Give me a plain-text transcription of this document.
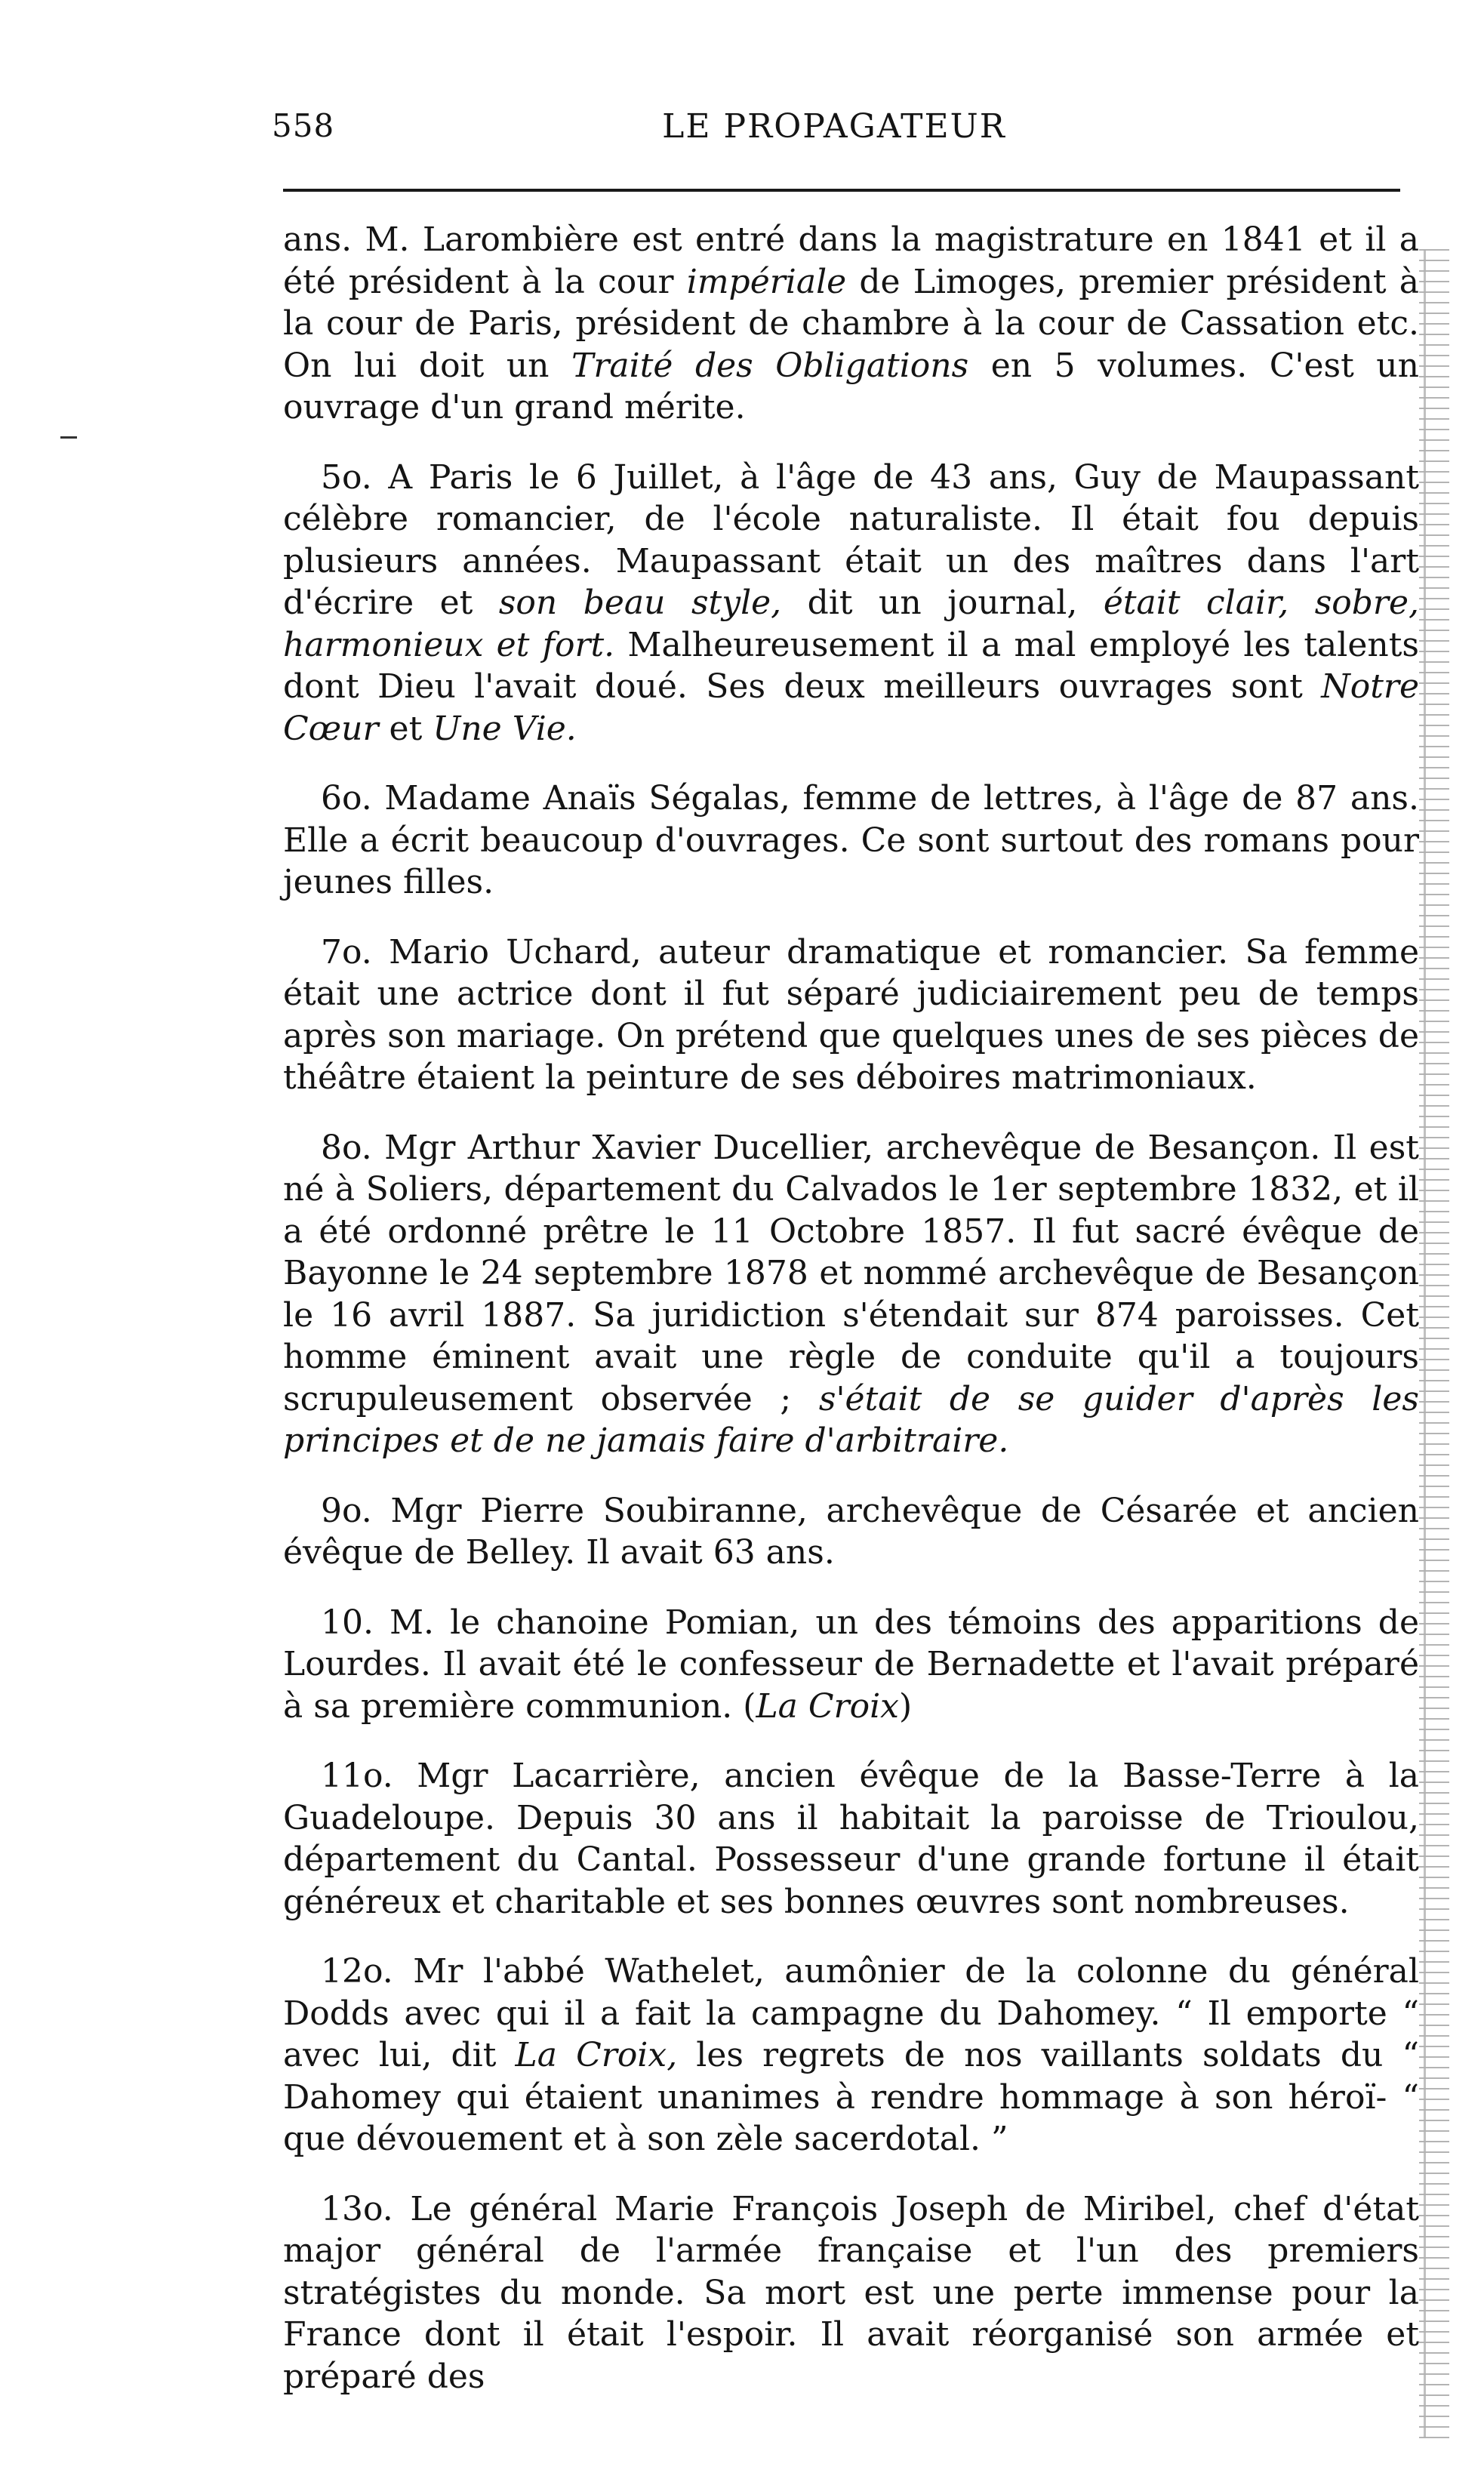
558	LE PROPAGATEUR

ans. M. Larombière est entré dans la magistrature en 1841 et il a été président à la cour impériale de Limoges, premier président à la cour de Paris, président de chambre à la cour de Cassation etc. On lui doit un Traité des Obligations en 5 volumes. C'est un ouvrage d'un grand mérite.

5o. A Paris le 6 Juillet, à l'âge de 43 ans, Guy de Maupassant célèbre romancier, de l'école naturaliste. Il était fou depuis plusieurs années. Maupassant était un des maîtres dans l'art d'écrire et son beau style, dit un journal, était clair, sobre, harmonieux et fort. Malheureusement il a mal employé les talents dont Dieu l'avait doué. Ses deux meilleurs ouvrages sont Notre Cœur et Une Vie.

6o. Madame Anaïs Ségalas, femme de lettres, à l'âge de 87 ans. Elle a écrit beaucoup d'ouvrages. Ce sont surtout des romans pour jeunes filles.

7o. Mario Uchard, auteur dramatique et romancier. Sa femme était une actrice dont il fut séparé judiciairement peu de temps après son mariage. On prétend que quelques unes de ses pièces de théâtre étaient la peinture de ses déboires matrimoniaux.

8o. Mgr Arthur Xavier Ducellier, archevêque de Besançon. Il est né à Soliers, département du Calvados le 1er septembre 1832, et il a été ordonné prêtre le 11 Octobre 1857. Il fut sacré évêque de Bayonne le 24 septembre 1878 et nommé archevêque de Besançon le 16 avril 1887. Sa juridiction s'étendait sur 874 paroisses. Cet homme éminent avait une règle de conduite qu'il a toujours scrupuleusement observée ; s'était de se guider d'après les principes et de ne jamais faire d'arbitraire.

9o. Mgr Pierre Soubiranne, archevêque de Césarée et ancien évêque de Belley. Il avait 63 ans.

10. M. le chanoine Pomian, un des témoins des apparitions de Lourdes. Il avait été le confesseur de Bernadette et l'avait préparé à sa première communion. (La Croix)

11o. Mgr Lacarrière, ancien évêque de la Basse-Terre à la Guadeloupe. Depuis 30 ans il habitait la paroisse de Trioulou, département du Cantal. Possesseur d'une grande fortune il était généreux et charitable et ses bonnes œuvres sont nombreuses.

12o. Mr l'abbé Wathelet, aumônier de la colonne du général Dodds avec qui il a fait la campagne du Dahomey. “ Il emporte “ avec lui, dit La Croix, les regrets de nos vaillants soldats du “ Dahomey qui étaient unanimes à rendre hommage à son héroï- “ que dévouement et à son zèle sacerdotal. ”

13o. Le général Marie François Joseph de Miribel, chef d'état major général de l'armée française et l'un des premiers stratégistes du monde. Sa mort est une perte immense pour la France dont il était l'espoir. Il avait réorganisé son armée et préparé des
